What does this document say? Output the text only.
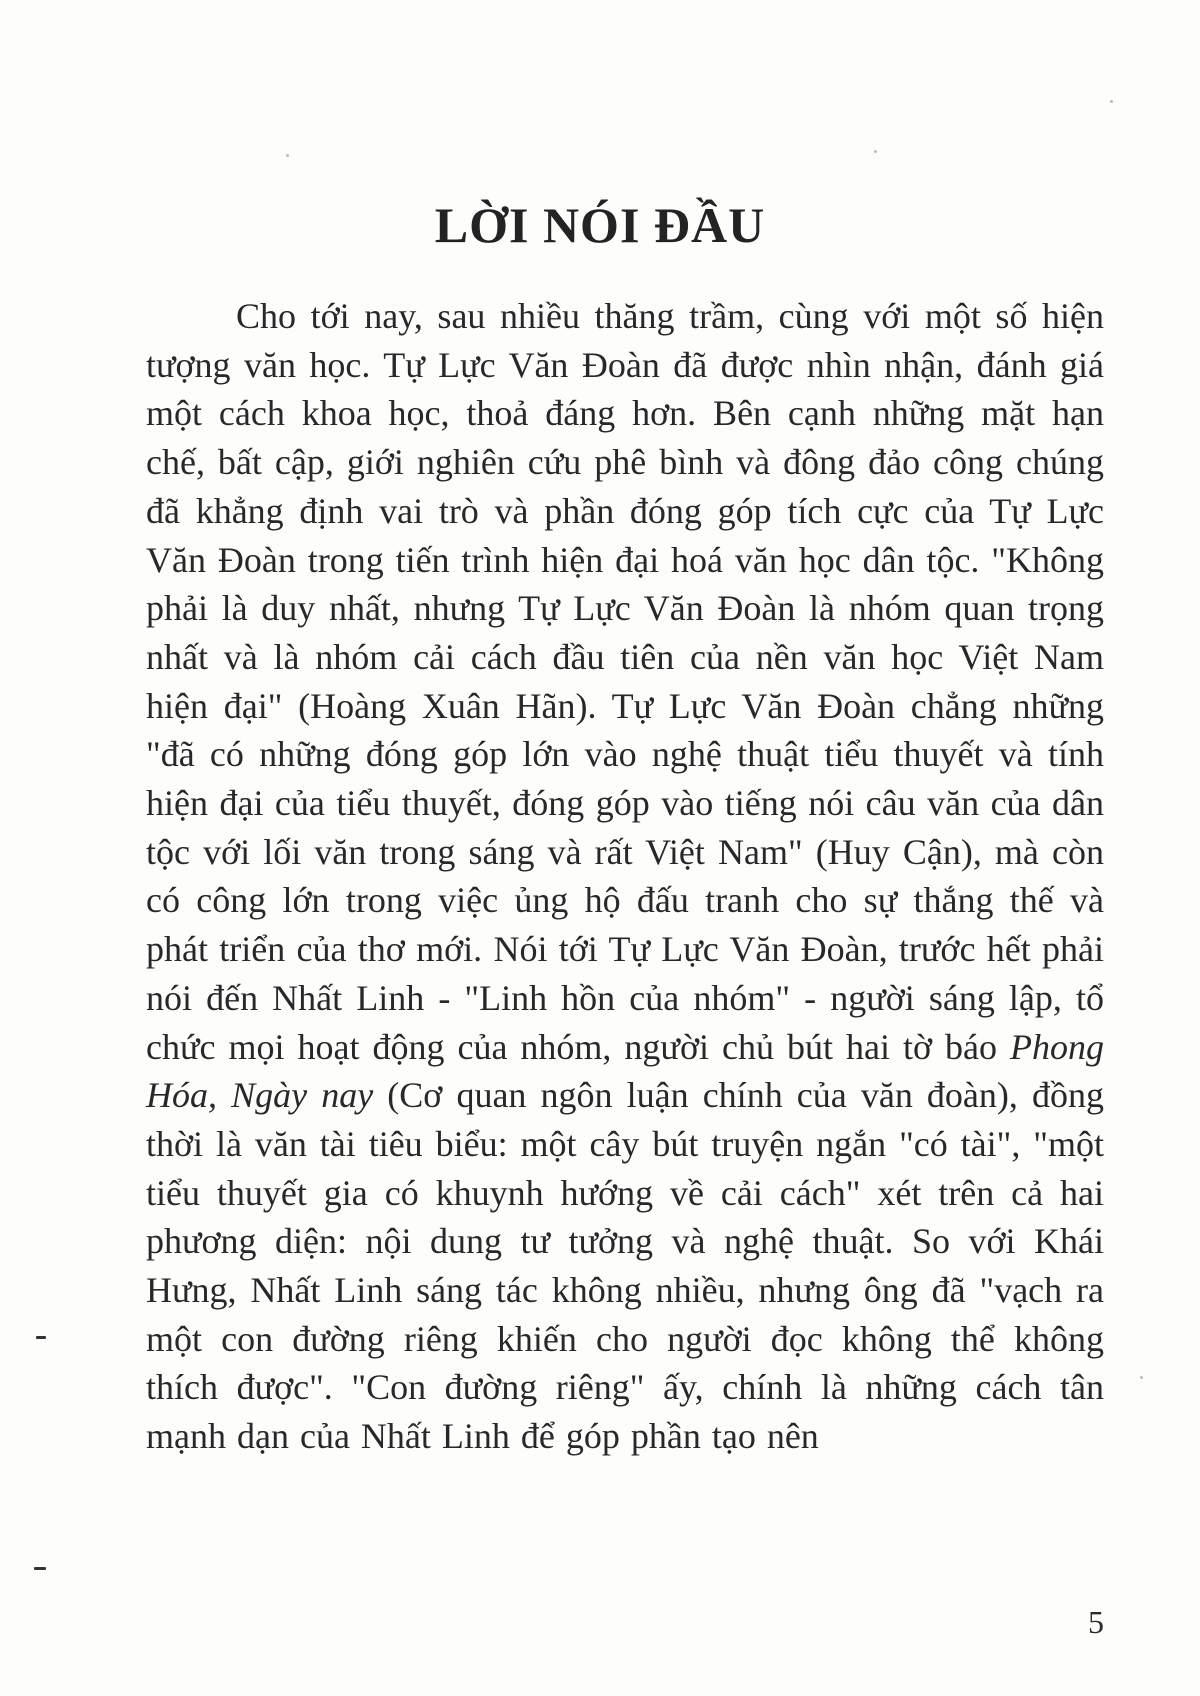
LỜI NÓI ĐẦU

Cho tới nay, sau nhiều thăng trầm, cùng với một số hiện tượng văn học. Tự Lực Văn Đoàn đã được nhìn nhận, đánh giá một cách khoa học, thoả đáng hơn. Bên cạnh những mặt hạn chế, bất cập, giới nghiên cứu phê bình và đông đảo công chúng đã khẳng định vai trò và phần đóng góp tích cực của Tự Lực Văn Đoàn trong tiến trình hiện đại hoá văn học dân tộc. "Không phải là duy nhất, nhưng Tự Lực Văn Đoàn là nhóm quan trọng nhất và là nhóm cải cách đầu tiên của nền văn học Việt Nam hiện đại" (Hoàng Xuân Hãn). Tự Lực Văn Đoàn chẳng những "đã có những đóng góp lớn vào nghệ thuật tiểu thuyết và tính hiện đại của tiểu thuyết, đóng góp vào tiếng nói câu văn của dân tộc với lối văn trong sáng và rất Việt Nam" (Huy Cận), mà còn có công lớn trong việc ủng hộ đấu tranh cho sự thắng thế và phát triển của thơ mới. Nói tới Tự Lực Văn Đoàn, trước hết phải nói đến Nhất Linh - "Linh hồn của nhóm" - người sáng lập, tổ chức mọi hoạt động của nhóm, người chủ bút hai tờ báo Phong Hóa, Ngày nay (Cơ quan ngôn luận chính của văn đoàn), đồng thời là văn tài tiêu biểu: một cây bút truyện ngắn "có tài", "một tiểu thuyết gia có khuynh hướng về cải cách" xét trên cả hai phương diện: nội dung tư tưởng và nghệ thuật. So với Khái Hưng, Nhất Linh sáng tác không nhiều, nhưng ông đã "vạch ra một con đường riêng khiến cho người đọc không thể không thích được". "Con đường riêng" ấy, chính là những cách tân mạnh dạn của Nhất Linh để góp phần tạo nên

5
